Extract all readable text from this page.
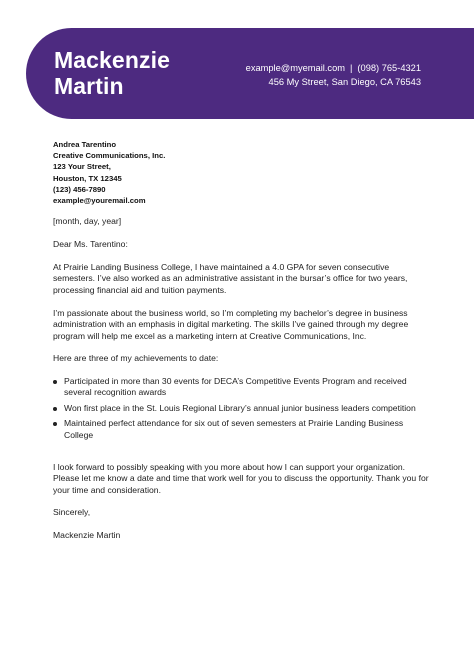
Mackenzie
Martin
example@myemail.com | (098) 765-4321
456 My Street, San Diego, CA 76543
Andrea Tarentino
Creative Communications, Inc.
123 Your Street,
Houston, TX 12345
(123) 456-7890
example@youremail.com
[month, day, year]
Dear Ms. Tarentino:
At Prairie Landing Business College, I have maintained a 4.0 GPA for seven consecutive semesters. I’ve also worked as an administrative assistant in the bursar’s office for two years, processing financial aid and tuition payments.
I’m passionate about the business world, so I’m completing my bachelor’s degree in business administration with an emphasis in digital marketing. The skills I’ve gained through my degree program will help me excel as a marketing intern at Creative Communications, Inc.
Here are three of my achievements to date:
Participated in more than 30 events for DECA’s Competitive Events Program and received several recognition awards
Won first place in the St. Louis Regional Library’s annual junior business leaders competition
Maintained perfect attendance for six out of seven semesters at Prairie Landing Business College
I look forward to possibly speaking with you more about how I can support your organization. Please let me know a date and time that work well for you to discuss the opportunity. Thank you for your time and consideration.
Sincerely,
Mackenzie Martin
